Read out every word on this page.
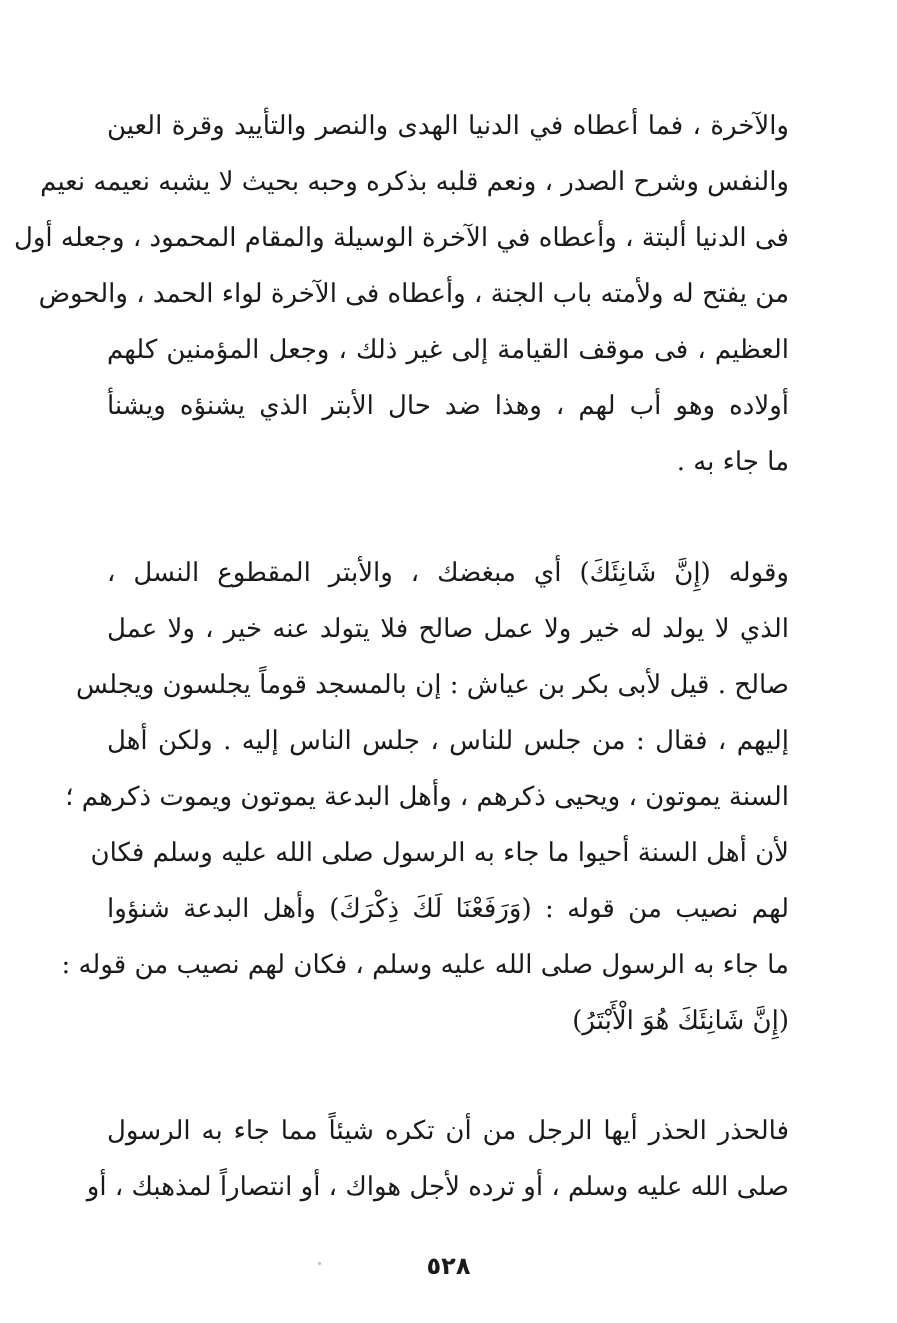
والآخرة ، فما أعطاه في الدنيا الهدى والنصر والتأييد وقرة العين
والنفس وشرح الصدر ، ونعم قلبه بذكره وحبه بحيث لا يشبه نعيمه نعيم
فى الدنيا ألبتة ، وأعطاه في الآخرة الوسيلة والمقام المحمود ، وجعله أول
من يفتح له ولأمته باب الجنة ، وأعطاه فى الآخرة لواء الحمد ، والحوض
العظيم ، فى موقف القيامة إلى غير ذلك ، وجعل المؤمنين كلهم
أولاده وهو أب لهم ، وهذا ضد حال الأبتر الذي يشنؤه ويشنأ
ما جاء به .
وقوله (إِنَّ شَانِئَكَ) أي مبغضك ، والأبتر المقطوع النسل ،
الذي لا يولد له خير ولا عمل صالح فلا يتولد عنه خير ، ولا عمل
صالح . قيل لأبى بكر بن عياش : إن بالمسجد قوماً يجلسون ويجلس
إليهم ، فقال : من جلس للناس ، جلس الناس إليه . ولكن أهل
السنة يموتون ، ويحيى ذكرهم ، وأهل البدعة يموتون ويموت ذكرهم ؛
لأن أهل السنة أحيوا ما جاء به الرسول صلى الله عليه وسلم فكان
لهم نصيب من قوله : (وَرَفَعْنَا لَكَ ذِكْرَكَ) وأهل البدعة شنؤوا
ما جاء به الرسول صلى الله عليه وسلم ، فكان لهم نصيب من قوله :
(إِنَّ شَانِئَكَ هُوَ الْأَبْتَرُ)
فالحذر الحذر أيها الرجل من أن تكره شيئاً مما جاء به الرسول
صلى الله عليه وسلم ، أو ترده لأجل هواك ، أو انتصاراً لمذهبك ، أو
٥٢٨
